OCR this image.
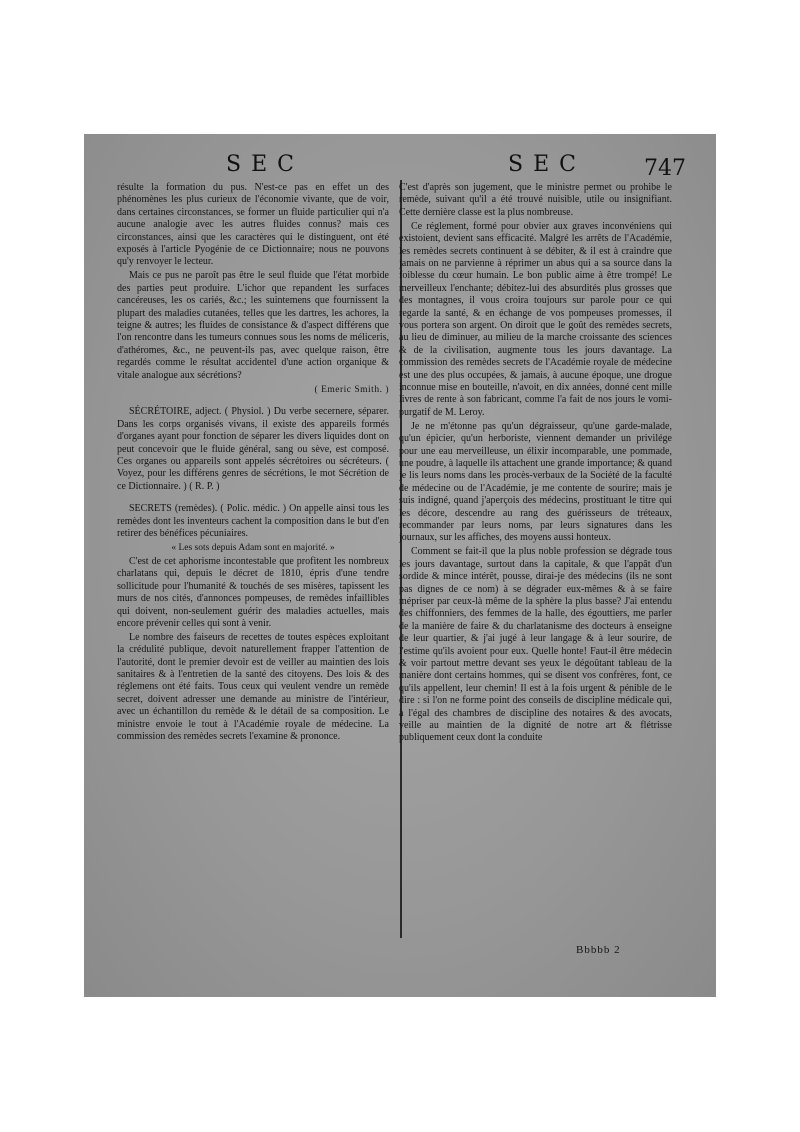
SEC	SEC	747

résulte la formation du pus. N'est-ce pas en effet un des phénomènes les plus curieux de l'économie vivante, que de voir, dans certaines circonstances, se former un fluide particulier qui n'a aucune analogie avec les autres fluides connus? mais ces circonstances, ainsi que les caractères qui le distinguent, ont été exposés à l'article Pyogénie de ce Dictionnaire; nous ne pouvons qu'y renvoyer le lecteur.

Mais ce pus ne paroît pas être le seul fluide que l'état morbide des parties peut produire. L'ichor que repandent les surfaces cancéreuses, les os cariés, &c.; les suintemens que fournissent la plupart des maladies cutanées, telles que les dartres, les achores, la teigne & autres; les fluides de consistance & d'aspect différens que l'on rencontre dans les tumeurs connues sous les noms de méliceris, d'athéromes, &c., ne peuvent-ils pas, avec quelque raison, être regardés comme le résultat accidentel d'une action organique & vitale analogue aux sécrétions?

( Emeric Smith. )

SÉCRÉTOIRE, adject. ( Physiol. ) Du verbe secernere, séparer. Dans les corps organisés vivans, il existe des appareils formés d'organes ayant pour fonction de séparer les divers liquides dont on peut concevoir que le fluide général, sang ou sève, est composé. Ces organes ou appareils sont appelés sécrétoires ou sécréteurs. ( Voyez, pour les différens genres de sécrétions, le mot Sécrétion de ce Dictionnaire. ) ( R. P. )

SECRETS (remèdes). ( Polic. médic. ) On appelle ainsi tous les remèdes dont les inventeurs cachent la composition dans le but d'en retirer des bénéfices pécuniaires.

« Les sots depuis Adam sont en majorité. »

C'est de cet aphorisme incontestable que profitent les nombreux charlatans qui, depuis le décret de 1810, épris d'une tendre sollicitude pour l'humanité & touchés de ses misères, tapissent les murs de nos cités, d'annonces pompeuses, de remèdes infaillibles qui doivent, non-seulement guérir des maladies actuelles, mais encore prévenir celles qui sont à venir.

Le nombre des faiseurs de recettes de toutes espèces exploitant la crédulité publique, devoit naturellement frapper l'attention de l'autorité, dont le premier devoir est de veiller au maintien des lois sanitaires & à l'entretien de la santé des citoyens. Des lois & des réglemens ont été faits. Tous ceux qui veulent vendre un remède secret, doivent adresser une demande au ministre de l'intérieur, avec un échantillon du remède & le détail de sa composition. Le ministre envoie le tout à l'Académie royale de médecine. La commission des remèdes secrets l'examine & prononce.

C'est d'après son jugement, que le ministre permet ou prohibe le remède, suivant qu'il a été trouvé nuisible, utile ou insignifiant. Cette dernière classe est la plus nombreuse.

Ce réglement, formé pour obvier aux graves inconvéniens qui existoient, devient sans efficacité. Malgré les arrêts de l'Académie, les remèdes secrets continuent à se débiter, & il est à craindre que jamais on ne parvienne à réprimer un abus qui a sa source dans la foiblesse du cœur humain. Le bon public aime à être trompé! Le merveilleux l'enchante; débitez-lui des absurdités plus grosses que des montagnes, il vous croira toujours sur parole pour ce qui regarde la santé, & en échange de vos pompeuses promesses, il vous portera son argent. On diroit que le goût des remèdes secrets, au lieu de diminuer, au milieu de la marche croissante des sciences & de la civilisation, augmente tous les jours davantage. La commission des remèdes secrets de l'Académie royale de médecine est une des plus occupées, & jamais, à aucune époque, une drogue inconnue mise en bouteille, n'avoit, en dix années, donné cent mille livres de rente à son fabricant, comme l'a fait de nos jours le vomi-purgatif de M. Leroy.

Je ne m'étonne pas qu'un dégraisseur, qu'une garde-malade, qu'un épicier, qu'un herboriste, viennent demander un privilége pour une eau merveilleuse, un élixir incomparable, une pommade, une poudre, à laquelle ils attachent une grande importance; & quand je lis leurs noms dans les procès-verbaux de la Société de la faculté de médecine ou de l'Académie, je me contente de sourire; mais je suis indigné, quand j'aperçois des médecins, prostituant le titre qui les décore, descendre au rang des guérisseurs de tréteaux, recommander par leurs noms, par leurs signatures dans les journaux, sur les affiches, des moyens aussi honteux.

Comment se fait-il que la plus noble profession se dégrade tous les jours davantage, surtout dans la capitale, & que l'appât d'un sordide & mince intérêt, pousse, dirai-je des médecins (ils ne sont pas dignes de ce nom) à se dégrader eux-mêmes & à se faire mépriser par ceux-là même de la sphère la plus basse? J'ai entendu des chiffonniers, des femmes de la halle, des égouttiers, me parler de la manière de faire & du charlatanisme des docteurs à enseigne de leur quartier, & j'ai jugé à leur langage & à leur sourire, de l'estime qu'ils avoient pour eux. Quelle honte! Faut-il être médecin & voir partout mettre devant ses yeux le dégoûtant tableau de la manière dont certains hommes, qui se disent vos confrères, font, ce qu'ils appellent, leur chemin! Il est à la fois urgent & pénible de le dire : si l'on ne forme point des conseils de discipline médicale qui, à l'égal des chambres de discipline des notaires & des avocats, veille au maintien de la dignité de notre art & flétrisse publiquement ceux dont la conduite

Bbbbb 2
